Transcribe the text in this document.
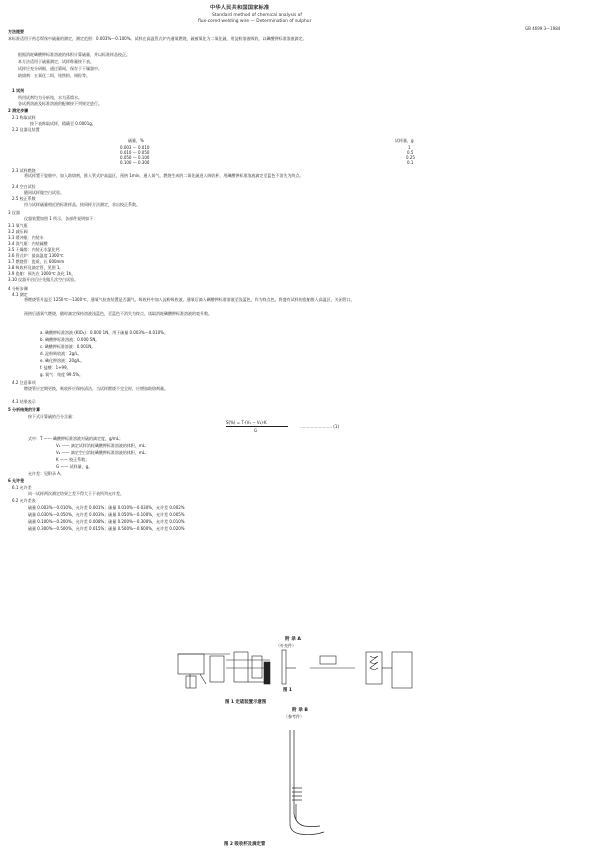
中华人民共和国国家标准
Standard method of chemical analysis of
flux-cored welding wire — Determination of sulphur
GB 4699.3—1984
方法提要
本标准适用于药芯焊丝中硫量的测定，测定范围：0.003%～0.100%。试样在高温管式炉内通氧燃烧，硫被氧化为二氧化硫，用淀粉溶液吸收，以碘酸钾标准溶液滴定。
根据消耗碘酸钾标准溶液的体积计算硫量，并以标准样品校正。
本方法适用于硫量测定，试样称量按下表。
试样应充分研细，通过筛网，保存于干燥器中。
助熔剂：五氧化二铒、纯铁粉、锡粒等。
1 试剂
所用试剂均为分析纯，水为蒸馏水。
各试剂溶液及标准溶液的配制按下列规定进行。
2 测定步骤
2.1 称取试样
按下表称取试样，精确至 0.0001g。
2.2 仪器及装置
硫量，%	试样量，g
0.003 ～ 0.010	1
0.010 ～ 0.050	0.5
0.050 ～ 0.100	0.25
0.100 ～ 0.300	0.1
2.3 试样燃烧
将试样置于瓷舶中，加入助熔剂，推入管式炉高温区，预热 1min，通入氧气，燃烧生成的二氧化硫进入吸收杯，用碘酸钾标准溶液滴定至蓝色不消失为终点。
2.4 空白试验
随同试样做空白试验。
2.5 校正系数
用与试样硫量相近的标准样品，按同样方法测定，求出校正系数。
3 仪器
仪器装置如图 1 所示，各部件说明如下：
3.1 氧气瓶
3.2 减压阀
3.3 缓冲瓶：内装水
3.4 洗气瓶：内装硫酸
3.5 干燥塔：内装无水氯化钙
3.6 管式炉：最高温度 1300℃
3.7 燃烧管：瓷质，长 600mm
3.8 吸收杯及滴定管，见图 1。
3.9 瓷舶：预先在 1000℃ 灰化 1h。
3.10 仪器开启后应先做几次空白试验。
4 分析步骤
4.1 测定
将燃烧管升温至 1250℃～1300℃，通氧气检查装置是否漏气。吸收杯中加入淀粉吸收液，通氧后滴入碘酸钾标准溶液至浅蓝色，作为终点色。将盛有试样的瓷舶推入高温区，关闭管口。
预热后通氧气燃烧，随时滴定保持溶液浅蓝色，至蓝色不消失为终点。读取消耗碘酸钾标准溶液的毫升数。
a. 碘酸钾标准溶液 (KIO₃)：0.000 1N，用于硫量 0.003%～0.010%。
b. 碘酸钾标准溶液：0.000 5N。
c. 碘酸钾标准溶液：0.001N。
d. 淀粉吸收液：2g/L。
e. 碘化钾溶液：20g/L。
f. 盐酸：1+99。
g. 氧气：纯度 99.5%。
4.2 注意事项
燃烧管应定期更换，吸收杯应保持清洁。当试样燃烧不完全时，应增加助熔剂量。
4.3 结果表示
5 分析结果的计算
按下式计算硫的百分含量：
S(%) = T·(V₁ − V₂)·K
G
…………………… (1)
式中：T —— 碘酸钾标准溶液对硫的滴定度，g/mL；
V₁ —— 滴定试样消耗碘酸钾标准溶液的体积，mL；
V₂ —— 滴定空白消耗碘酸钾标准溶液的体积，mL；
K —— 校正系数；
G —— 试样量，g。
允许差：见附录 A。
6 允许差
6.1 允许差
同一试样两次测定结果之差不得大于下表所列允许差。
6.2 允许差表
硫量 0.003%～0.010%，允许差 0.001%；硫量 0.010%～0.030%，允许差 0.002%
硫量 0.030%～0.050%，允许差 0.003%；硫量 0.050%～0.100%，允许差 0.005%
硫量 0.100%～0.200%，允许差 0.008%；硫量 0.200%～0.300%，允许差 0.010%
硫量 0.300%～0.500%，允许差 0.015%；硫量 0.500%～0.600%，允许差 0.020%
附 录 A
（补充件）
图 1
图 1 定硫装置示意图
附 录 B
（参考件）
图 2 吸收杯及滴定管
